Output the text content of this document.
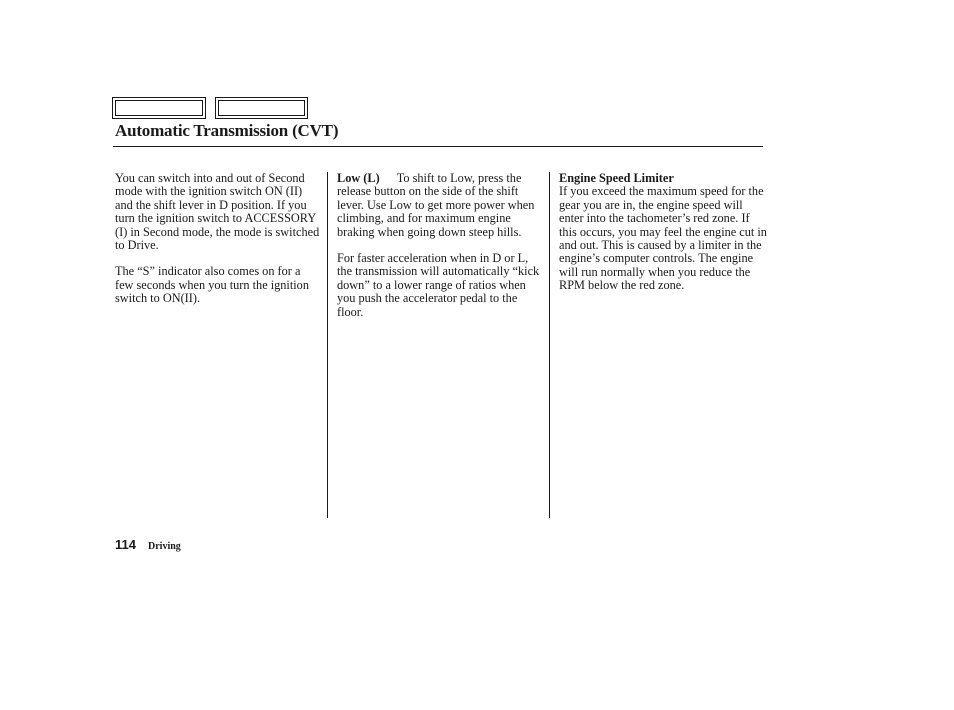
Automatic Transmission (CVT)

You can switch into and out of Second mode with the ignition switch ON (II) and the shift lever in D position. If you turn the ignition switch to ACCESSORY (I) in Second mode, the mode is switched to Drive.

The “S” indicator also comes on for a few seconds when you turn the ignition switch to ON(II).

Low (L) To shift to Low, press the release button on the side of the shift lever. Use Low to get more power when climbing, and for maximum engine braking when going down steep hills.

For faster acceleration when in D or L, the transmission will automatically “kick down” to a lower range of ratios when you push the accelerator pedal to the floor.

Engine Speed Limiter

If you exceed the maximum speed for the gear you are in, the engine speed will enter into the tachometer’s red zone. If this occurs, you may feel the engine cut in and out. This is caused by a limiter in the engine’s computer controls. The engine will run normally when you reduce the RPM below the red zone.

114 Driving
